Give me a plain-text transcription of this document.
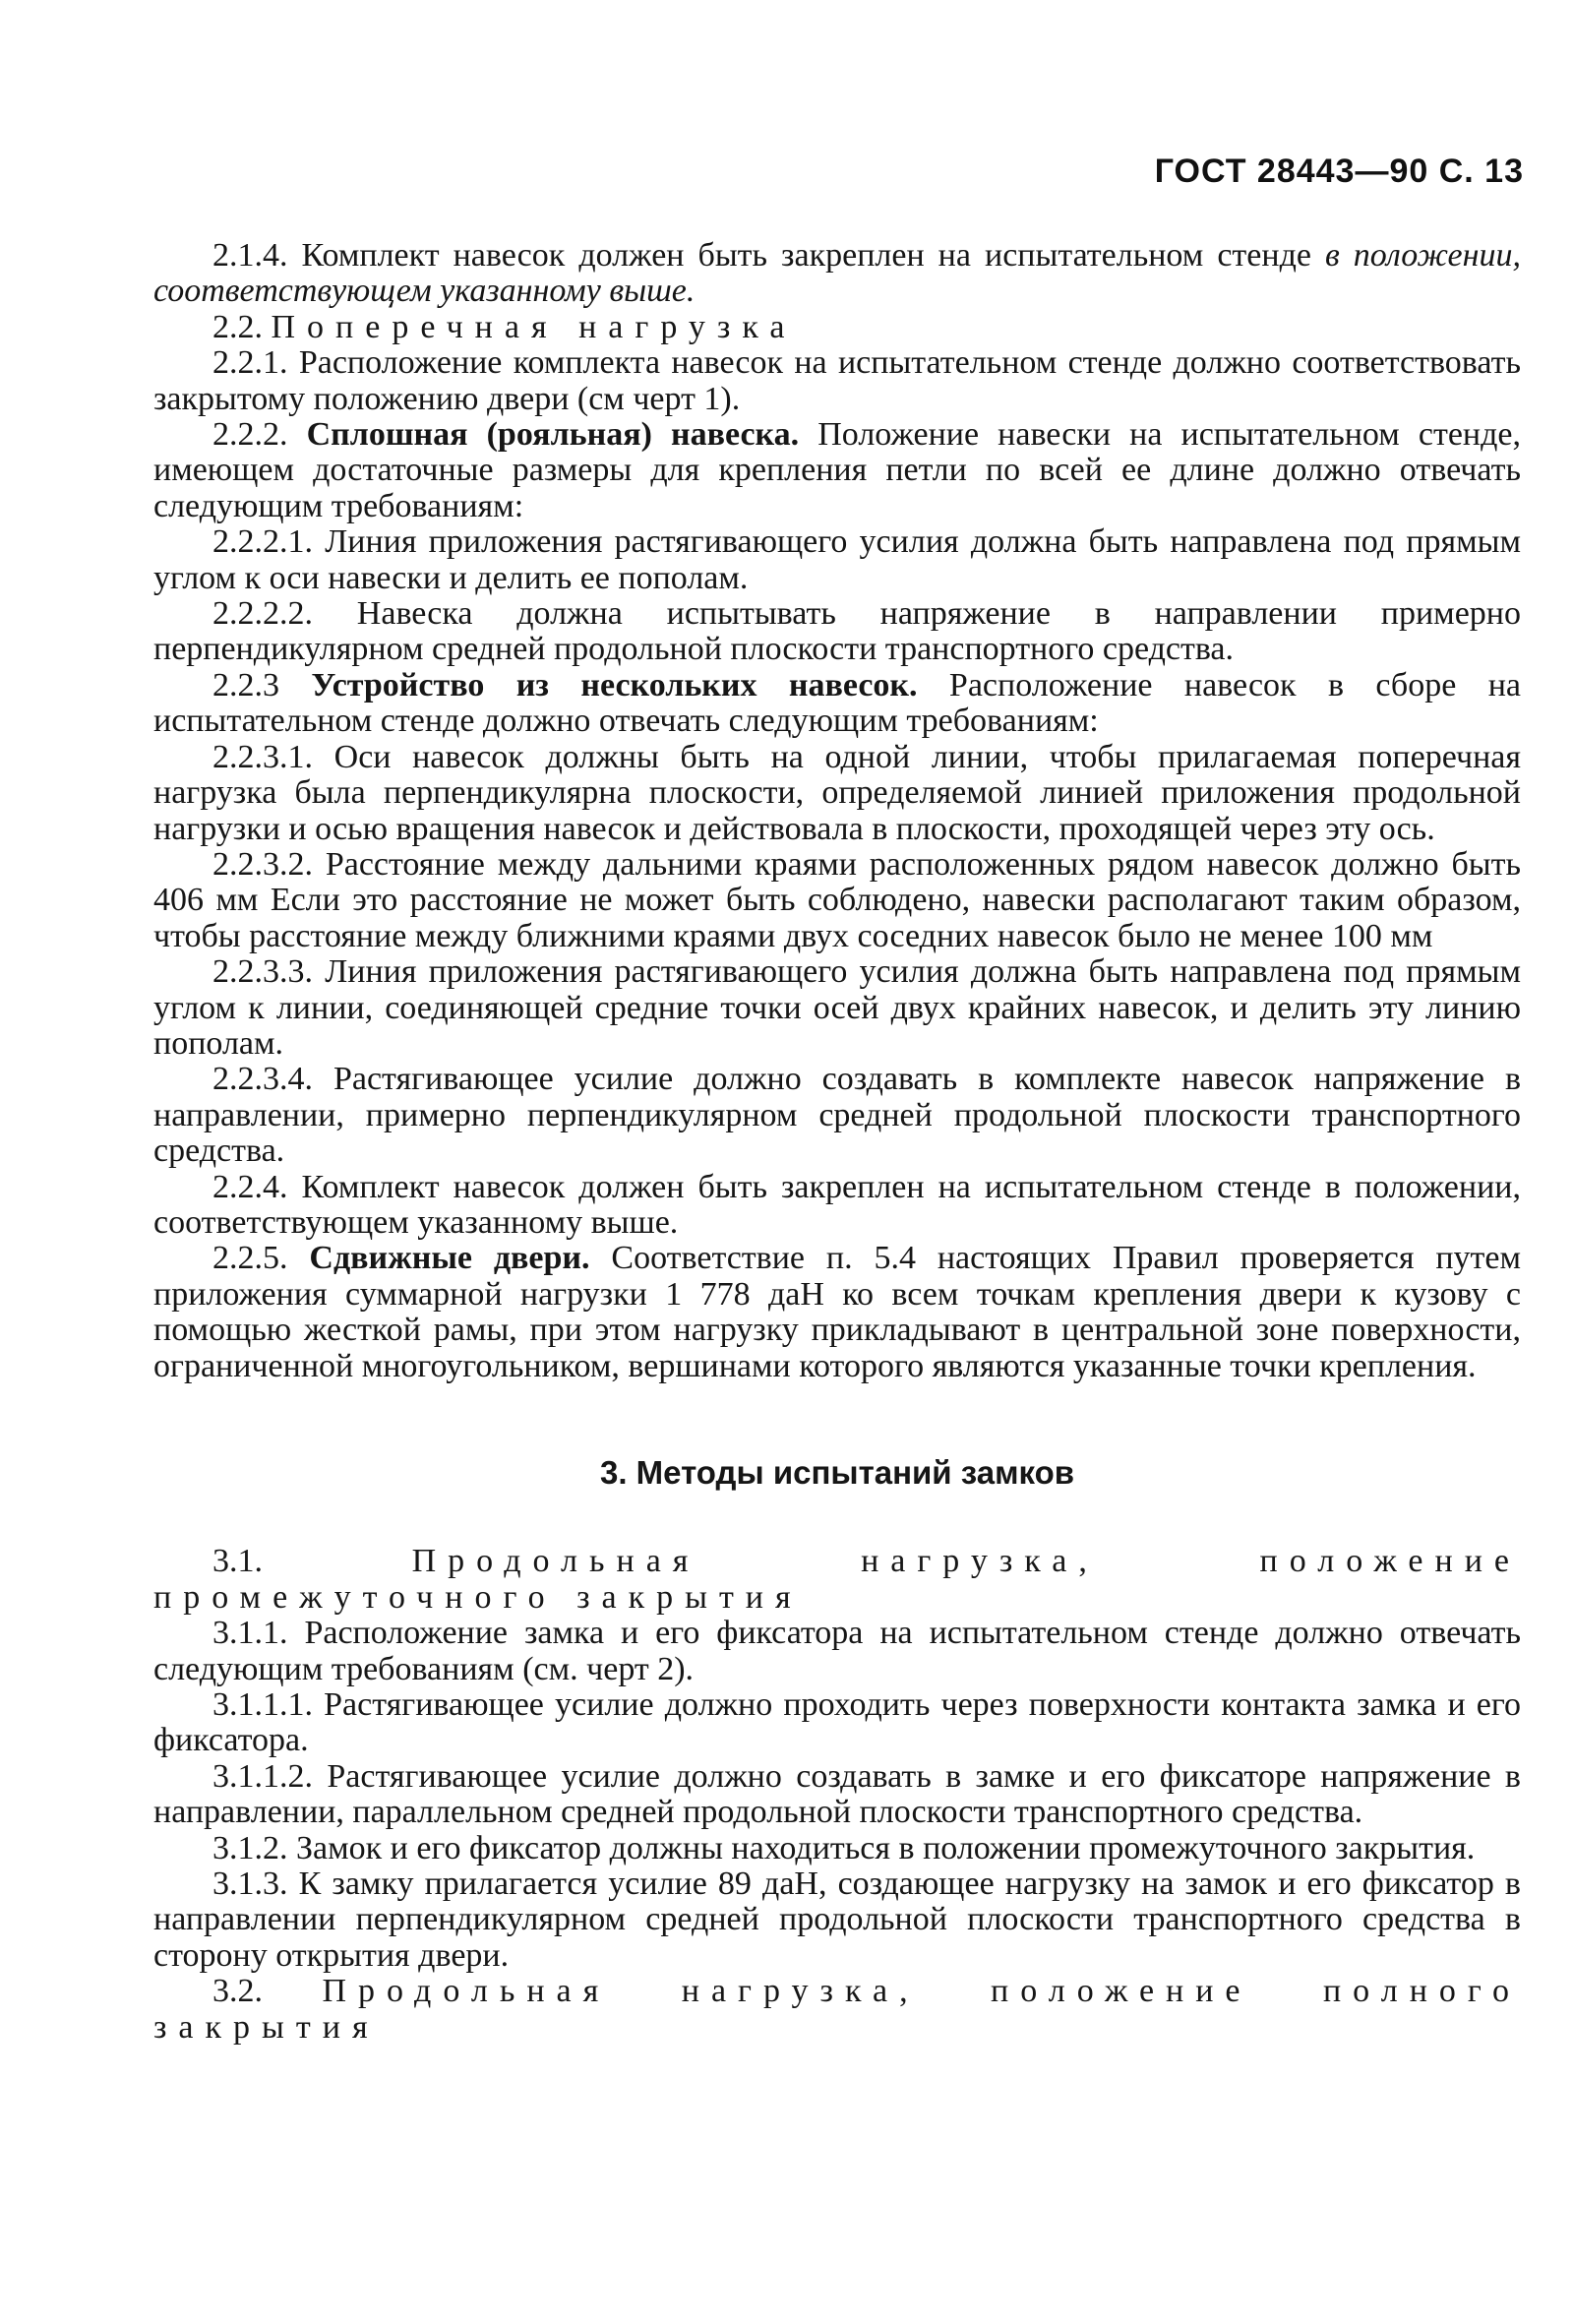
ГОСТ 28443—90 С. 13

2.1.4. Комплект навесок должен быть закреплен на испытательном стенде в положении, соответствующем указанному выше.

2.2. Поперечная нагрузка

2.2.1. Расположение комплекта навесок на испытательном стенде должно соответствовать закрытому положению двери (см черт 1).

2.2.2. Сплошная (рояльная) навеска. Положение навески на испытательном стенде, имеющем достаточные размеры для крепления петли по всей ее длине должно отвечать следующим требованиям:

2.2.2.1. Линия приложения растягивающего усилия должна быть направлена под прямым углом к оси навески и делить ее пополам.

2.2.2.2. Навеска должна испытывать напряжение в направлении примерно перпендикулярном средней продольной плоскости транспортного средства.

2.2.3 Устройство из нескольких навесок. Расположение навесок в сборе на испытательном стенде должно отвечать следующим требованиям:

2.2.3.1. Оси навесок должны быть на одной линии, чтобы прилагаемая поперечная нагрузка была перпендикулярна плоскости, определяемой линией приложения продольной нагрузки и осью вращения навесок и действовала в плоскости, проходящей через эту ось.

2.2.3.2. Расстояние между дальними краями расположенных рядом навесок должно быть 406 мм Если это расстояние не может быть соблюдено, навески располагают таким образом, чтобы расстояние между ближними краями двух соседних навесок было не менее 100 мм

2.2.3.3. Линия приложения растягивающего усилия должна быть направлена под прямым углом к линии, соединяющей средние точки осей двух крайних навесок, и делить эту линию пополам.

2.2.3.4. Растягивающее усилие должно создавать в комплекте навесок напряжение в направлении, примерно перпендикулярном средней продольной плоскости транспортного средства.

2.2.4. Комплект навесок должен быть закреплен на испытательном стенде в положении, соответствующем указанному выше.

2.2.5. Сдвижные двери. Соответствие п. 5.4 настоящих Правил проверяется путем приложения суммарной нагрузки 1 778 даН ко всем точкам крепления двери к кузову с помощью жесткой рамы, при этом нагрузку прикладывают в центральной зоне поверхности, ограниченной многоугольником, вершинами которого являются указанные точки крепления.

3. Методы испытаний замков

3.1.	Продольная нагрузка, положение промежуточного закрытия

3.1.1. Расположение замка и его фиксатора на испытательном стенде должно отвечать следующим требованиям (см. черт 2).

3.1.1.1. Растягивающее усилие должно проходить через поверхности контакта замка и его фиксатора.

3.1.1.2. Растягивающее усилие должно создавать в замке и его фиксаторе напряжение в направлении, параллельном средней продольной плоскости транспортного средства.

3.1.2. Замок и его фиксатор должны находиться в положении промежуточного закрытия.

3.1.3. К замку прилагается усилие 89 даН, создающее нагрузку на замок и его фиксатор в направлении перпендикулярном средней продольной плоскости транспортного средства в сторону открытия двери.

3.2. Продольная нагрузка, положение полного закрытия
